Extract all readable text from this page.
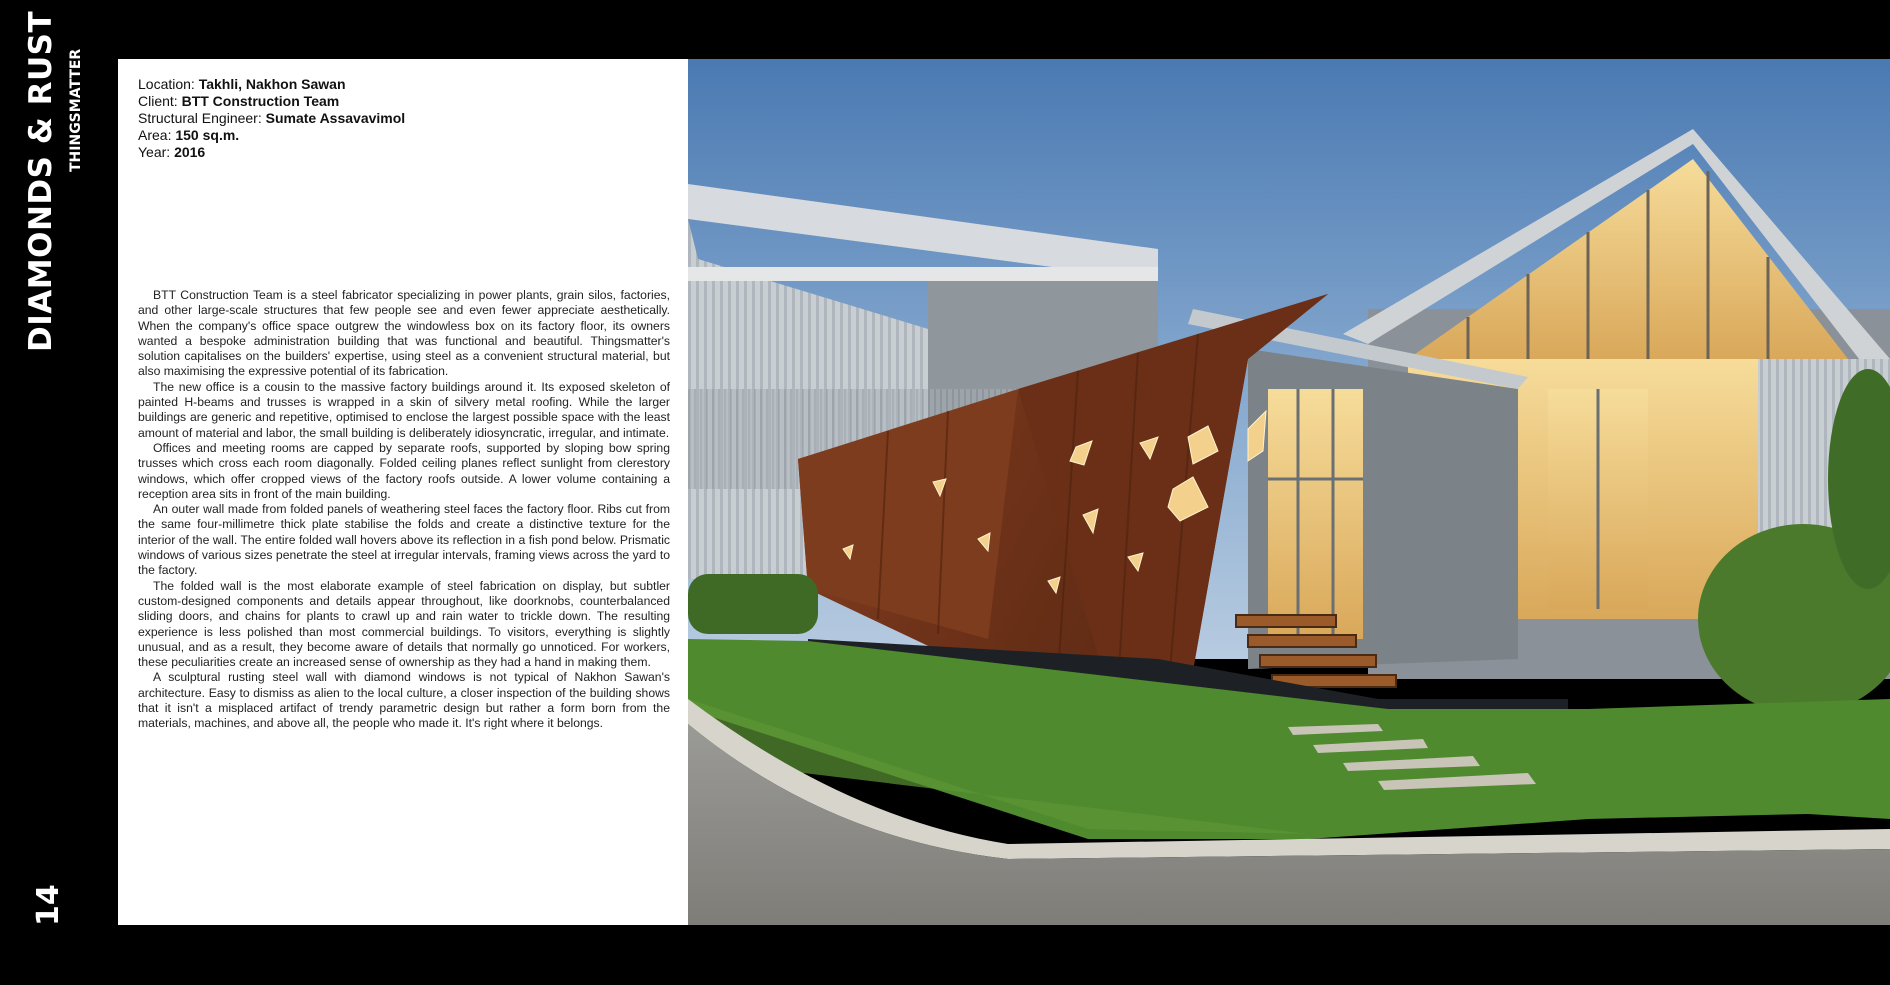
DIAMONDS & RUST THINGSMATTER
14
Location: Takhli, Nakhon Sawan
Client: BTT Construction Team
Structural Engineer: Sumate Assavavimol
Area: 150 sq.m.
Year: 2016

BTT Construction Team is a steel fabricator specializing in power plants, grain silos, factories, and other large-scale structures that few people see and even fewer appreciate aesthetically. When the company's office space outgrew the windowless box on its factory floor, its owners wanted a bespoke administration building that was functional and beautiful. Thingsmatter's solution capitalises on the builders' expertise, using steel as a convenient structural material, but also maximising the expressive potential of its fabrication.

The new office is a cousin to the massive factory buildings around it. Its exposed skeleton of painted H-beams and trusses is wrapped in a skin of silvery metal roofing. While the larger buildings are generic and repetitive, optimised to enclose the largest possible space with the least amount of material and labor, the small building is deliberately idiosyncratic, irregular, and intimate.

Offices and meeting rooms are capped by separate roofs, supported by sloping bow spring trusses which cross each room diagonally. Folded ceiling planes reflect sunlight from clerestory windows, which offer cropped views of the factory roofs outside. A lower volume containing a reception area sits in front of the main building.

An outer wall made from folded panels of weathering steel faces the factory floor. Ribs cut from the same four-millimetre thick plate stabilise the folds and create a distinctive texture for the interior of the wall. The entire folded wall hovers above its reflection in a fish pond below. Prismatic windows of various sizes penetrate the steel at irregular intervals, framing views across the yard to the factory.

The folded wall is the most elaborate example of steel fabrication on display, but subtler custom-designed components and details appear throughout, like doorknobs, counterbalanced sliding doors, and chains for plants to crawl up and rain water to trickle down. The resulting experience is less polished than most commercial buildings. To visitors, everything is slightly unusual, and as a result, they become aware of details that normally go unnoticed. For workers, these peculiarities create an increased sense of ownership as they had a hand in making them.

A sculptural rusting steel wall with diamond windows is not typical of Nakhon Sawan's architecture. Easy to dismiss as alien to the local culture, a closer inspection of the building shows that it isn't a misplaced artifact of trendy parametric design but rather a form born from the materials, machines, and above all, the people who made it. It's right where it belongs.
